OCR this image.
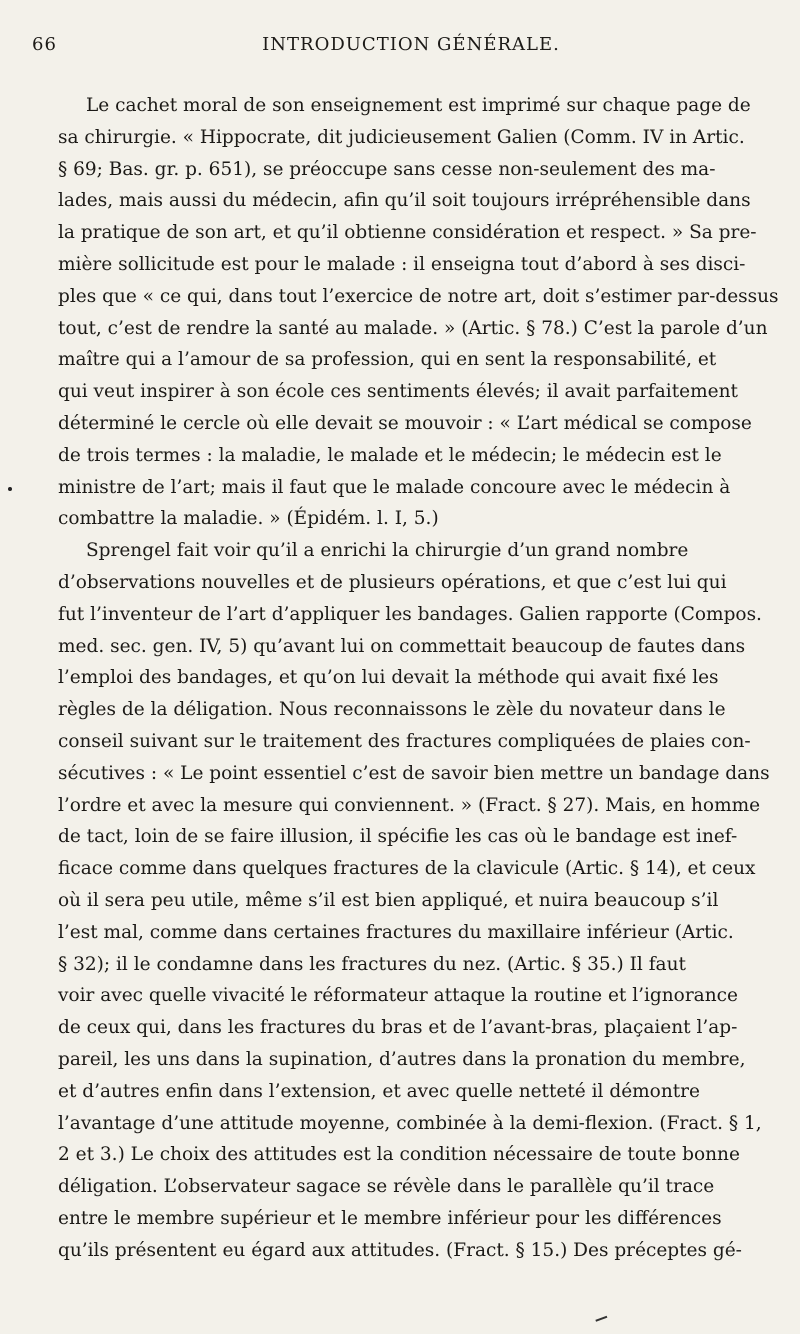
66	INTRODUCTION GÉNÉRALE.

Le cachet moral de son enseignement est imprimé sur chaque page de
sa chirurgie. « Hippocrate, dit judicieusement Galien (Comm. IV in Artic.
§ 69; Bas. gr. p. 651), se préoccupe sans cesse non-seulement des ma-
lades, mais aussi du médecin, afin qu’il soit toujours irrépréhensible dans
la pratique de son art, et qu’il obtienne considération et respect. » Sa pre-
mière sollicitude est pour le malade : il enseigna tout d’abord à ses disci-
ples que « ce qui, dans tout l’exercice de notre art, doit s’estimer par-dessus
tout, c’est de rendre la santé au malade. » (Artic. § 78.) C’est la parole d’un
maître qui a l’amour de sa profession, qui en sent la responsabilité, et
qui veut inspirer à son école ces sentiments élevés; il avait parfaitement
déterminé le cercle où elle devait se mouvoir : « L’art médical se compose
de trois termes : la maladie, le malade et le médecin; le médecin est le
ministre de l’art; mais il faut que le malade concoure avec le médecin à
combattre la maladie. » (Épidém. l. I, 5.)

Sprengel fait voir qu’il a enrichi la chirurgie d’un grand nombre
d’observations nouvelles et de plusieurs opérations, et que c’est lui qui
fut l’inventeur de l’art d’appliquer les bandages. Galien rapporte (Compos.
med. sec. gen. IV, 5) qu’avant lui on commettait beaucoup de fautes dans
l’emploi des bandages, et qu’on lui devait la méthode qui avait fixé les
règles de la déligation. Nous reconnaissons le zèle du novateur dans le
conseil suivant sur le traitement des fractures compliquées de plaies con-
sécutives : « Le point essentiel c’est de savoir bien mettre un bandage dans
l’ordre et avec la mesure qui conviennent. » (Fract. § 27). Mais, en homme
de tact, loin de se faire illusion, il spécifie les cas où le bandage est inef-
ficace comme dans quelques fractures de la clavicule (Artic. § 14), et ceux
où il sera peu utile, même s’il est bien appliqué, et nuira beaucoup s’il
l’est mal, comme dans certaines fractures du maxillaire inférieur (Artic.
§ 32); il le condamne dans les fractures du nez. (Artic. § 35.) Il faut
voir avec quelle vivacité le réformateur attaque la routine et l’ignorance
de ceux qui, dans les fractures du bras et de l’avant-bras, plaçaient l’ap-
pareil, les uns dans la supination, d’autres dans la pronation du membre,
et d’autres enfin dans l’extension, et avec quelle netteté il démontre
l’avantage d’une attitude moyenne, combinée à la demi-flexion. (Fract. § 1,
2 et 3.) Le choix des attitudes est la condition nécessaire de toute bonne
déligation. L’observateur sagace se révèle dans le parallèle qu’il trace
entre le membre supérieur et le membre inférieur pour les différences
qu’ils présentent eu égard aux attitudes. (Fract. § 15.) Des préceptes gé-
